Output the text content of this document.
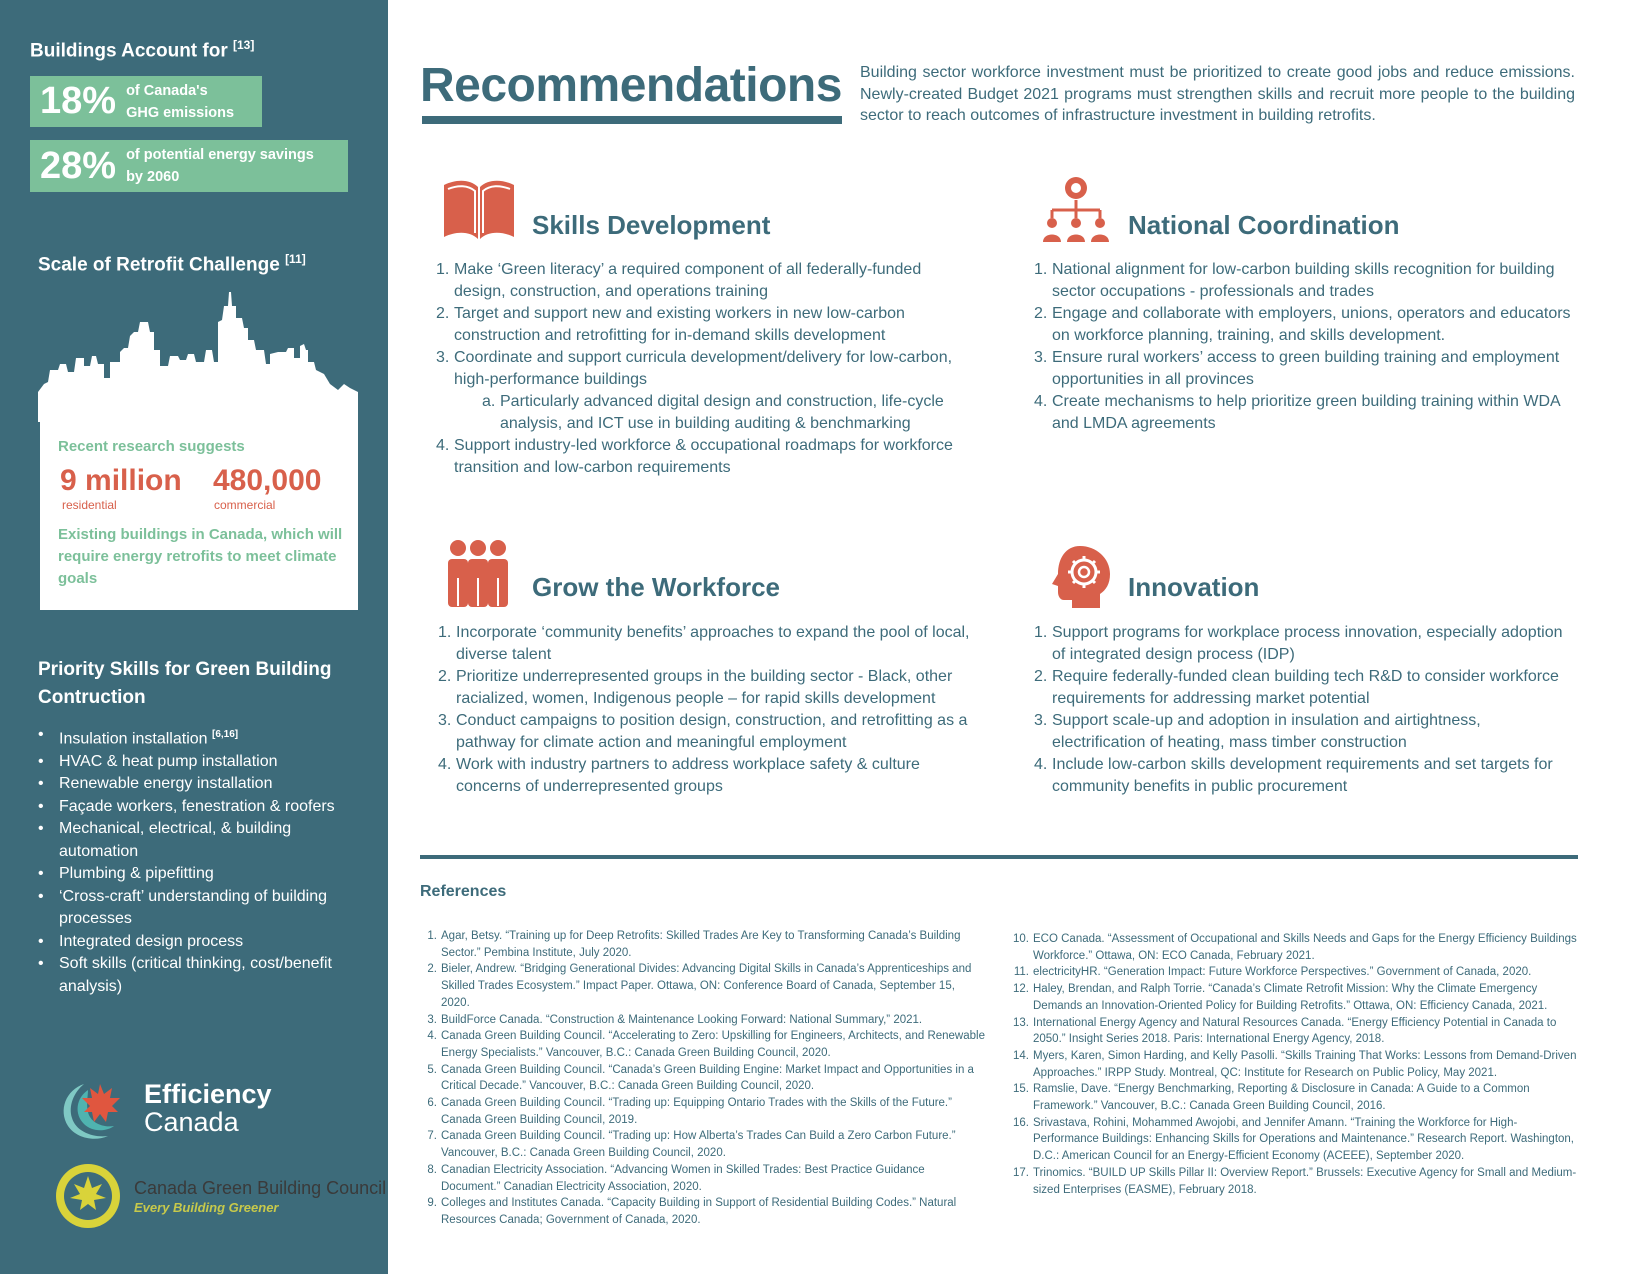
Buildings Account for [13]
18% of Canada's
GHG emissions
28% of potential energy savings
by 2060
Scale of Retrofit Challenge [11]
Recent research suggests
9 million 480,000
residential	commercial
Existing buildings in Canada, which will require energy retrofits to meet climate goals
Priority Skills for Green Building Contruction
• Insulation installation [6,16]
• HVAC & heat pump installation
• Renewable energy installation
• Façade workers, fenestration & roofers
• Mechanical, electrical, & building automation
• Plumbing & pipefitting
• ‘Cross-craft’ understanding of building processes
• Integrated design process
• Soft skills (critical thinking, cost/benefit analysis)
Efficiency
Canada
Canada Green Building Council
Every Building Greener
Recommendations Building sector workforce investment must be prioritized to create good jobs and reduce emissions. Newly-created Budget 2021 programs must strengthen skills and recruit more people to the building sector to reach outcomes of infrastructure investment in building retrofits.
Skills Development
1. Make ‘Green literacy’ a required component of all federally-funded design, construction, and operations training
2. Target and support new and existing workers in new low-carbon construction and retrofitting for in-demand skills development
3. Coordinate and support curricula development/delivery for low-carbon, high-performance buildings
a. Particularly advanced digital design and construction, life-cycle analysis, and ICT use in building auditing & benchmarking
4. Support industry-led workforce & occupational roadmaps for workforce transition and low-carbon requirements
National Coordination
1. National alignment for low-carbon building skills recognition for building sector occupations - professionals and trades
2. Engage and collaborate with employers, unions, operators and educators on workforce planning, training, and skills development.
3. Ensure rural workers’ access to green building training and employment opportunities in all provinces
4. Create mechanisms to help prioritize green building training within WDA and LMDA agreements
Grow the Workforce
1. Incorporate ‘community benefits’ approaches to expand the pool of local, diverse talent
2. Prioritize underrepresented groups in the building sector - Black, other racialized, women, Indigenous people – for rapid skills development
3. Conduct campaigns to position design, construction, and retrofitting as a pathway for climate action and meaningful employment
4. Work with industry partners to address workplace safety & culture concerns of underrepresented groups
Innovation
1. Support programs for workplace process innovation, especially adoption of integrated design process (IDP)
2. Require federally-funded clean building tech R&D to consider workforce requirements for addressing market potential
3. Support scale-up and adoption in insulation and airtightness, electrification of heating, mass timber construction
4. Include low-carbon skills development requirements and set targets for community benefits in public procurement
References
1. Agar, Betsy. “Training up for Deep Retrofits: Skilled Trades Are Key to Transforming Canada’s Building Sector.” Pembina Institute, July 2020.
2. Bieler, Andrew. “Bridging Generational Divides: Advancing Digital Skills in Canada’s Apprenticeships and Skilled Trades Ecosystem.” Impact Paper. Ottawa, ON: Conference Board of Canada, September 15, 2020.
3. BuildForce Canada. “Construction & Maintenance Looking Forward: National Summary,” 2021.
4. Canada Green Building Council. “Accelerating to Zero: Upskilling for Engineers, Architects, and Renewable Energy Specialists.” Vancouver, B.C.: Canada Green Building Council, 2020.
5. Canada Green Building Council. “Canada’s Green Building Engine: Market Impact and Opportunities in a Critical Decade.” Vancouver, B.C.: Canada Green Building Council, 2020.
6. Canada Green Building Council. “Trading up: Equipping Ontario Trades with the Skills of the Future.” Canada Green Building Council, 2019.
7. Canada Green Building Council. “Trading up: How Alberta’s Trades Can Build a Zero Carbon Future.” Vancouver, B.C.: Canada Green Building Council, 2020.
8. Canadian Electricity Association. “Advancing Women in Skilled Trades: Best Practice Guidance Document.” Canadian Electricity Association, 2020.
9. Colleges and Institutes Canada. “Capacity Building in Support of Residential Building Codes.” Natural Resources Canada; Government of Canada, 2020.
10. ECO Canada. “Assessment of Occupational and Skills Needs and Gaps for the Energy Efficiency Buildings Workforce.” Ottawa, ON: ECO Canada, February 2021.
11. electricityHR. “Generation Impact: Future Workforce Perspectives.” Government of Canada, 2020.
12. Haley, Brendan, and Ralph Torrie. “Canada’s Climate Retrofit Mission: Why the Climate Emergency Demands an Innovation-Oriented Policy for Building Retrofits.” Ottawa, ON: Efficiency Canada, 2021.
13. International Energy Agency and Natural Resources Canada. “Energy Efficiency Potential in Canada to 2050.” Insight Series 2018. Paris: International Energy Agency, 2018.
14. Myers, Karen, Simon Harding, and Kelly Pasolli. “Skills Training That Works: Lessons from Demand-Driven Approaches.” IRPP Study. Montreal, QC: Institute for Research on Public Policy, May 2021.
15. Ramslie, Dave. “Energy Benchmarking, Reporting & Disclosure in Canada: A Guide to a Common Framework.” Vancouver, B.C.: Canada Green Building Council, 2016.
16. Srivastava, Rohini, Mohammed Awojobi, and Jennifer Amann. “Training the Workforce for High-Performance Buildings: Enhancing Skills for Operations and Maintenance.” Research Report. Washington, D.C.: American Council for an Energy-Efficient Economy (ACEEE), September 2020.
17. Trinomics. “BUILD UP Skills Pillar II: Overview Report.” Brussels: Executive Agency for Small and Medium-sized Enterprises (EASME), February 2018.
